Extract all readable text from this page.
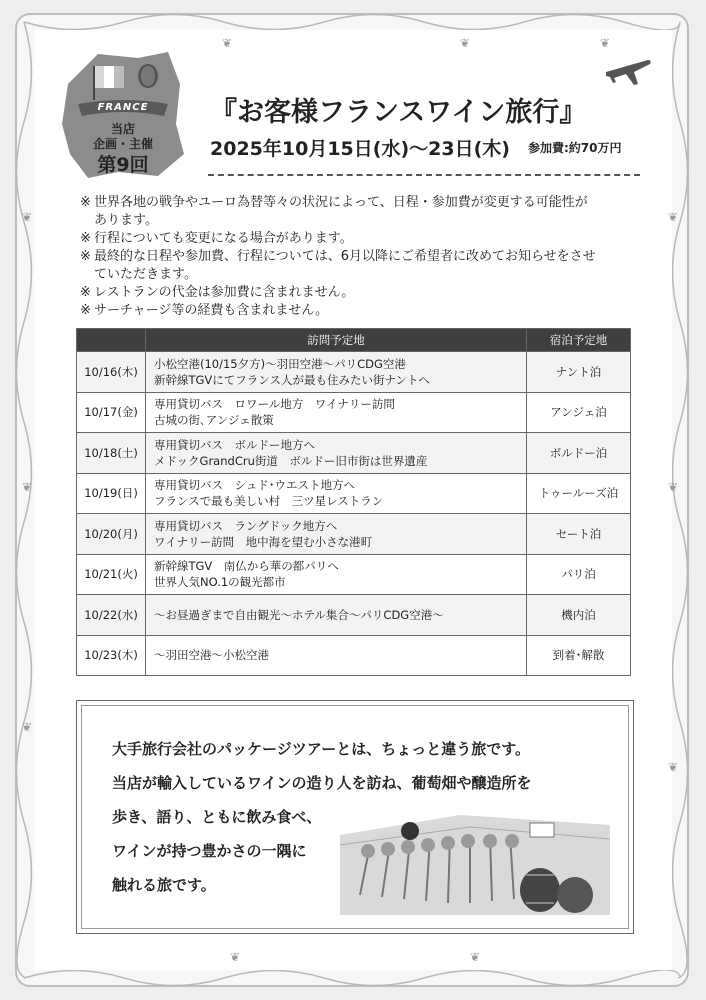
❦	❦	❦
❦
❦
❦
❦
❦
❦
❦	❦
FRANCE
当店
企画・主催
第9回
『お客様フランスワイン旅行』
2025年10月15日(水)〜23日(木) 参加費:約70万円
※ 世界各地の戦争やユーロ為替等々の状況によって、日程・参加費が変更する可能性が
あります。
※ 行程についても変更になる場合があります。
※ 最終的な日程や参加費、行程については、6月以降にご希望者に改めてお知らせをさせ
ていただきます。
※ レストランの代金は参加費に含まれません。
※ サーチャージ等の経費も含まれません。
	訪問予定地	宿泊予定地
10/16(木)	小松空港(10/15夕方)〜羽田空港〜パリCDG空港
新幹線TGVにてフランス人が最も住みたい街ナントへ	ナント泊
10/17(金)	専用貸切バス　ロワール地方　ワイナリー訪問
古城の街､アンジェ散策	アンジェ泊
10/18(土)	専用貸切バス　ボルドー地方へ
メドックGrandCru街道　ボルドー旧市街は世界遺産	ボルドー泊
10/19(日)	専用貸切バス　シュド･ウエスト地方へ
フランスで最も美しい村　三ツ星レストラン	トゥールーズ泊
10/20(月)	専用貸切バス　ラングドック地方へ
ワイナリー訪問　地中海を望む小さな港町	セート泊
10/21(火)	新幹線TGV　南仏から華の都パリへ
世界人気NO.1の観光都市	パリ泊
10/22(水)	〜お昼過ぎまで自由観光〜ホテル集合〜パリCDG空港〜	機内泊
10/23(木)	〜羽田空港〜小松空港	到着･解散
大手旅行会社のパッケージツアーとは、ちょっと違う旅です。
当店が輸入しているワインの造り人を訪ね、葡萄畑や醸造所を
歩き、語り、ともに飲み食べ、
ワインが持つ豊かさの一隅に
触れる旅です。
